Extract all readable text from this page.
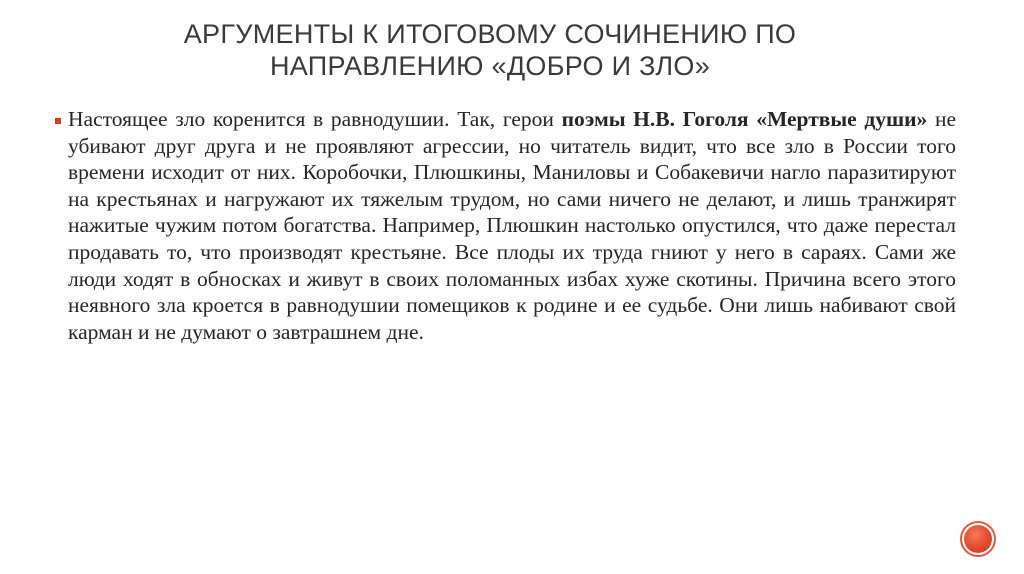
АРГУМЕНТЫ К ИТОГОВОМУ СОЧИНЕНИЮ ПО
НАПРАВЛЕНИЮ «ДОБРО И ЗЛО»

Настоящее зло коренится в равнодушии. Так, герои поэмы Н.В. Гоголя «Мертвые души» не убивают друг друга и не проявляют агрессии, но читатель видит, что все зло в России того времени исходит от них. Коробочки, Плюшкины, Маниловы и Собакевичи нагло паразитируют на крестьянах и нагружают их тяжелым трудом, но сами ничего не делают, и лишь транжирят нажитые чужим потом богатства. Например, Плюшкин настолько опустился, что даже перестал продавать то, что производят крестьяне. Все плоды их труда гниют у него в сараях. Сами же люди ходят в обносках и живут в своих поломанных избах хуже скотины. Причина всего этого неявного зла кроется в равнодушии помещиков к родине и ее судьбе. Они лишь набивают свой карман и не думают о завтрашнем дне.
